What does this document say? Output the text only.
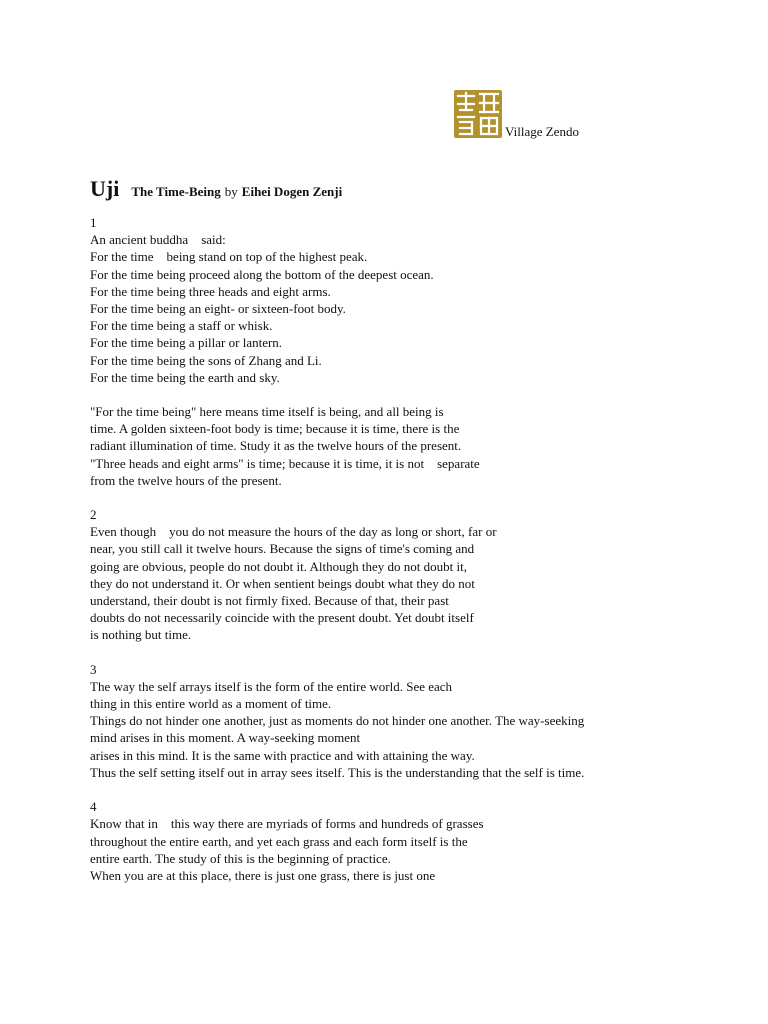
Village Zendo
Uji The Time-Being by Eihei Dogen Zenji
1
An ancient buddha    said:
For the time    being stand on top of the highest peak.
For the time being proceed along the bottom of the deepest ocean.
For the time being three heads and eight arms.
For the time being an eight- or sixteen-foot body.
For the time being a staff or whisk.
For the time being a pillar or lantern.
For the time being the sons of Zhang and Li.
For the time being the earth and sky.
"For the time being" here means time itself is being, and all being is
time. A golden sixteen-foot body is time; because it is time, there is the
radiant illumination of time. Study it as the twelve hours of the present.
"Three heads and eight arms" is time; because it is time, it is not    separate
from the twelve hours of the present.
2
Even though    you do not measure the hours of the day as long or short, far or
near, you still call it twelve hours. Because the signs of time's coming and
going are obvious, people do not doubt it. Although they do not doubt it,
they do not understand it. Or when sentient beings doubt what they do not
understand, their doubt is not firmly fixed. Because of that, their past
doubts do not necessarily coincide with the present doubt. Yet doubt itself
is nothing but time.
3
The way the self arrays itself is the form of the entire world. See each
thing in this entire world as a moment of time.
Things do not hinder one another, just as moments do not hinder one another. The way-seeking
mind arises in this moment. A way-seeking moment
arises in this mind. It is the same with practice and with attaining the way.
Thus the self setting itself out in array sees itself. This is the understanding that the self is time.
4
Know that in    this way there are myriads of forms and hundreds of grasses
throughout the entire earth, and yet each grass and each form itself is the
entire earth. The study of this is the beginning of practice.
When you are at this place, there is just one grass, there is just one
